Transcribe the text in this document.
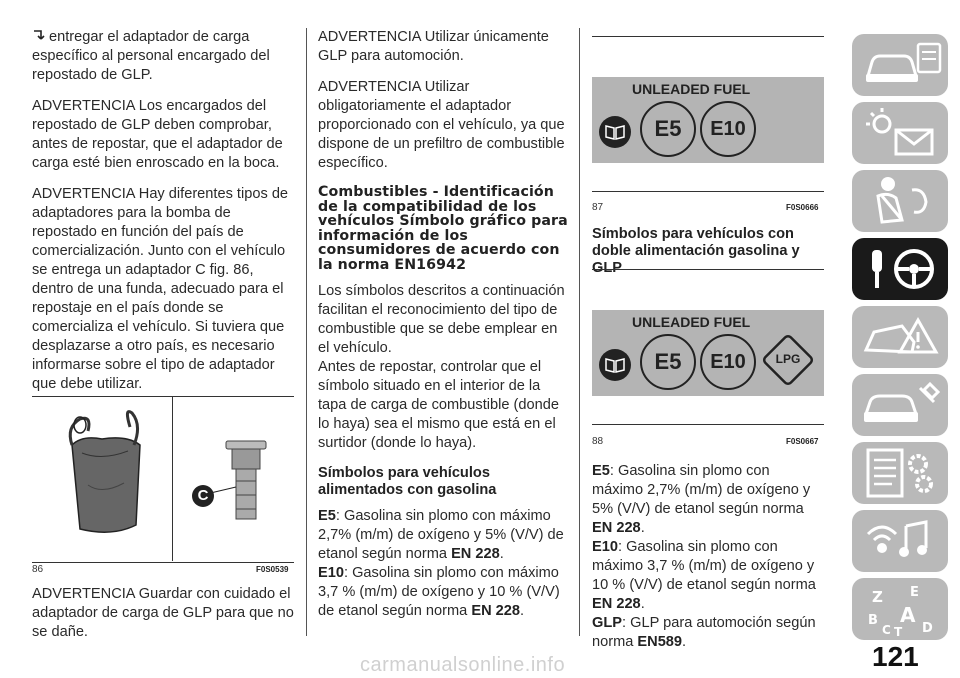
entregar el adaptador de carga específico al personal encargado del repostado de GLP.

ADVERTENCIA Los encargados del repostado de GLP deben comprobar, antes de repostar, que el adaptador de carga esté bien enroscado en la boca.

ADVERTENCIA Hay diferentes tipos de adaptadores para la bomba de repostado en función del país de comercialización. Junto con el vehículo se entrega un adaptador C fig. 86, dentro de una funda, adecuado para el repostaje en el país donde se comercializa el vehículo. Si tuviera que desplazarse a otro país, es necesario informarse sobre el tipo de adaptador que debe utilizar.

C
86	F0S0539

ADVERTENCIA Guardar con cuidado el adaptador de carga de GLP para que no se dañe.

ADVERTENCIA Utilizar únicamente GLP para automoción.

ADVERTENCIA Utilizar obligatoriamente el adaptador proporcionado con el vehículo, ya que dispone de un prefiltro de combustible específico.

Combustibles - Identificación de la compatibilidad de los vehículos Símbolo gráfico para información de los consumidores de acuerdo con la norma EN16942

Los símbolos descritos a continuación facilitan el reconocimiento del tipo de combustible que se debe emplear en el vehículo.

Antes de repostar, controlar que el símbolo situado en el interior de la tapa de carga de combustible (donde lo haya) sea el mismo que está en el surtidor (donde lo haya).

Símbolos para vehículos alimentados con gasolina

E5: Gasolina sin plomo con máximo 2,7% (m/m) de oxígeno y 5% (V/V) de etanol según norma EN 228.

E10: Gasolina sin plomo con máximo 3,7 % (m/m) de oxígeno y 10 % (V/V) de etanol según norma EN 228.

UNLEADED FUEL
E5	E10
87	F0S0666
Símbolos para vehículos con doble alimentación gasolina y GLP
UNLEADED FUEL
E5	E10	LPG
88	F0S0667

E5: Gasolina sin plomo con máximo 2,7% (m/m) de oxígeno y 5% (V/V) de etanol según norma EN 228.

E10: Gasolina sin plomo con máximo 3,7 % (m/m) de oxígeno y 10 % (V/V) de etanol según norma EN 228.

GLP: GLP para automoción según norma EN589.

Z E
B A
C T D
121
carmanualsonline.info
